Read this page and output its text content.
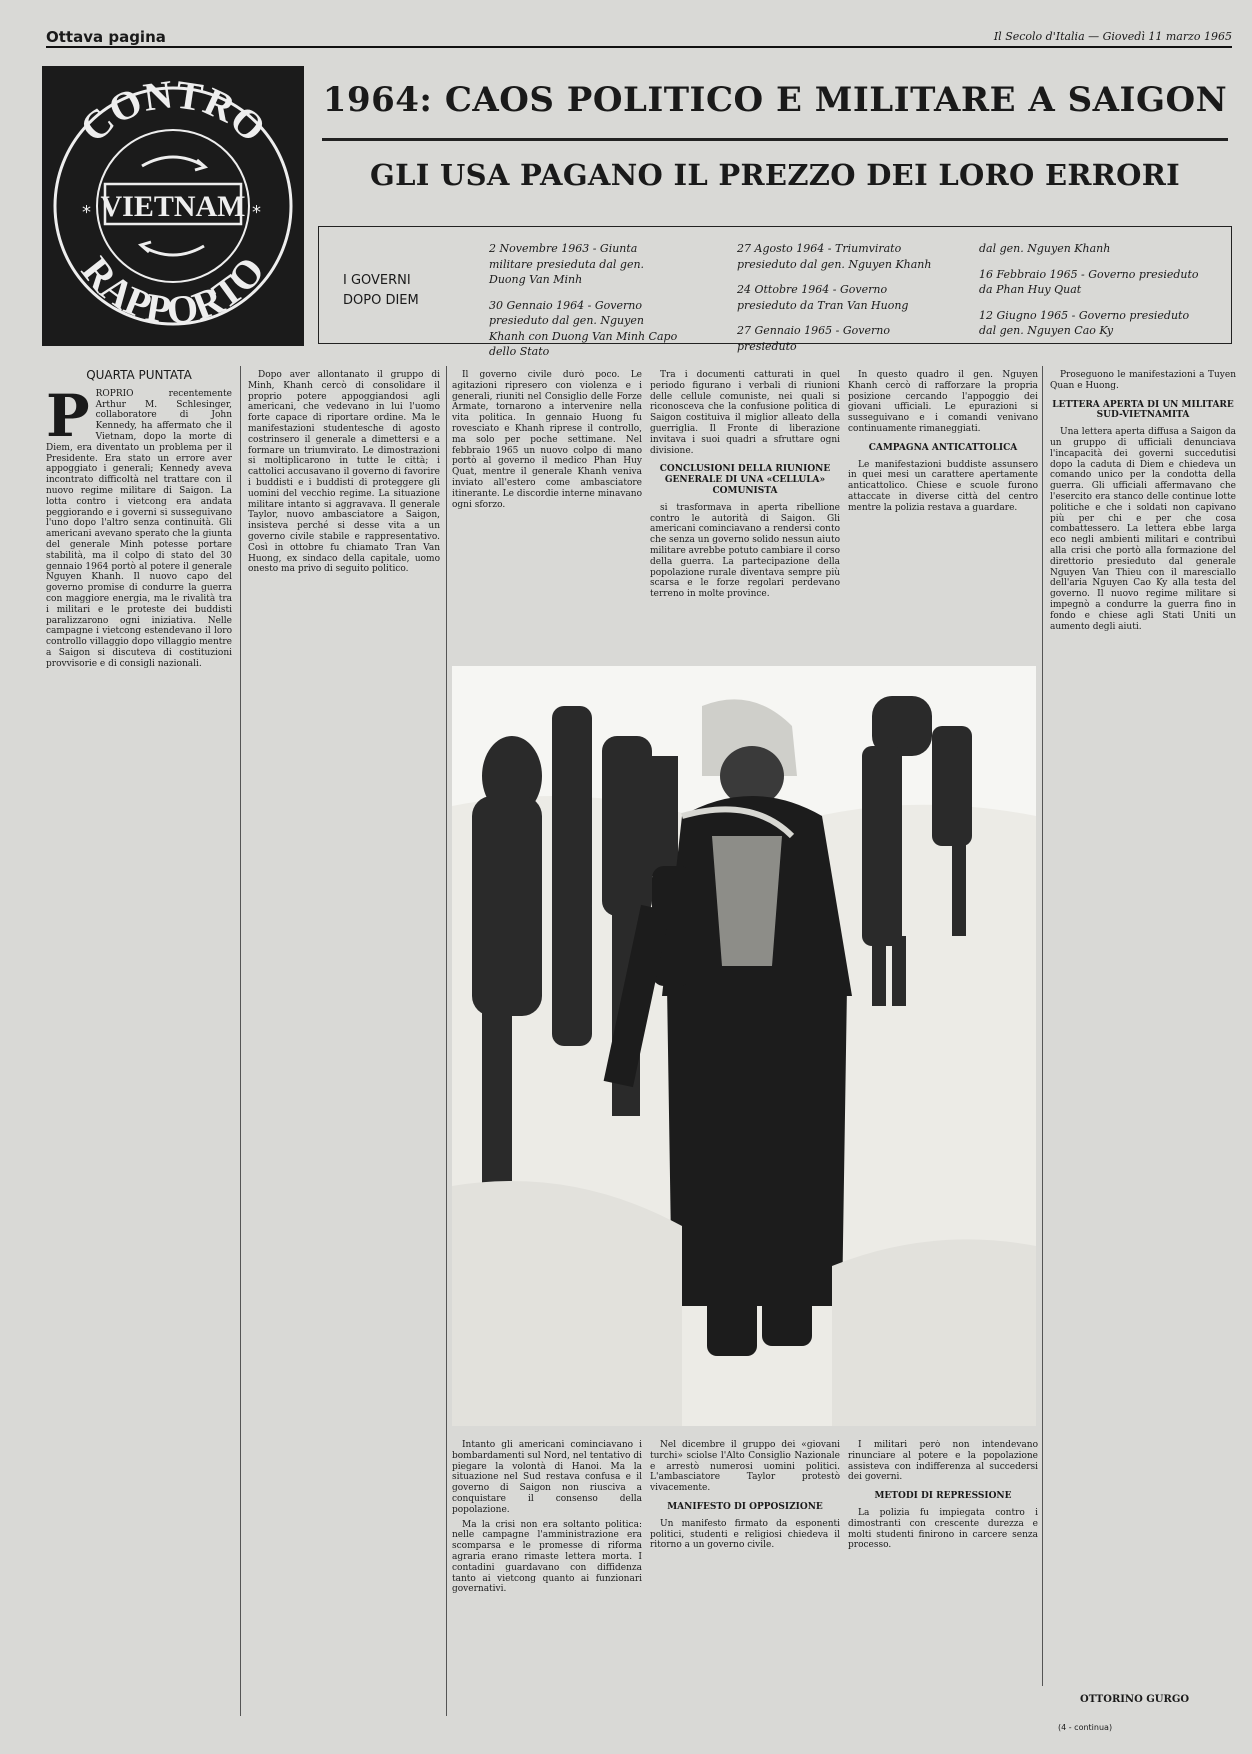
Ottava pagina	Il Secolo d'Italia — Giovedì 11 marzo 1965
CONTRO
RAPPORTO
VIETNAM
*	*
1964: CAOS POLITICO E MILITARE A SAIGON
GLI USA PAGANO IL PREZZO DEI LORO ERRORI
I GOVERNI
DOPO DIEM
2 Novembre 1963 - Giunta militare presieduta dal gen. Duong Van Minh
30 Gennaio 1964 - Governo presieduto dal gen. Nguyen Khanh con Duong Van Minh Capo dello Stato
27 Agosto 1964 - Triumvirato presieduto dal gen. Nguyen Khanh
24 Ottobre 1964 - Governo presieduto da Tran Van Huong
27 Gennaio 1965 - Governo presieduto
dal gen. Nguyen Khanh
16 Febbraio 1965 - Governo presieduto da Phan Huy Quat
12 Giugno 1965 - Governo presieduto dal gen. Nguyen Cao Ky
QUARTA PUNTATA
P ROPRIO recentemente Arthur M. Schlesinger, collaboratore di John Kennedy, ha affermato che il Vietnam, dopo la morte di Diem, era diventato un problema per il Presidente. Era stato un errore aver appoggiato i generali; Kennedy aveva incontrato difficoltà nel trattare con il nuovo regime militare di Saigon. La lotta contro i vietcong era andata peggiorando e i governi si susseguivano l'uno dopo l'altro senza continuità. Gli americani avevano sperato che la giunta del generale Minh potesse portare stabilità, ma il colpo di stato del 30 gennaio 1964 portò al potere il generale Nguyen Khanh. Il nuovo capo del governo promise di condurre la guerra con maggiore energia, ma le rivalità tra i militari e le proteste dei buddisti paralizzarono ogni iniziativa. Nelle campagne i vietcong estendevano il loro controllo villaggio dopo villaggio mentre a Saigon si discuteva di costituzioni provvisorie e di consigli nazionali.

Dopo aver allontanato il gruppo di Minh, Khanh cercò di consolidare il proprio potere appoggiandosi agli americani, che vedevano in lui l'uomo forte capace di riportare ordine. Ma le manifestazioni studentesche di agosto costrinsero il generale a dimettersi e a formare un triumvirato. Le dimostrazioni si moltiplicarono in tutte le città; i cattolici accusavano il governo di favorire i buddisti e i buddisti di proteggere gli uomini del vecchio regime. La situazione militare intanto si aggravava. Il generale Taylor, nuovo ambasciatore a Saigon, insisteva perché si desse vita a un governo civile stabile e rappresentativo. Così in ottobre fu chiamato Tran Van Huong, ex sindaco della capitale, uomo onesto ma privo di seguito politico.

Il governo civile durò poco. Le agitazioni ripresero con violenza e i generali, riuniti nel Consiglio delle Forze Armate, tornarono a intervenire nella vita politica. In gennaio Huong fu rovesciato e Khanh riprese il controllo, ma solo per poche settimane. Nel febbraio 1965 un nuovo colpo di mano portò al governo il medico Phan Huy Quat, mentre il generale Khanh veniva inviato all'estero come ambasciatore itinerante. Le discordie interne minavano ogni sforzo.

Tra i documenti catturati in quel periodo figurano i verbali di riunioni delle cellule comuniste, nei quali si riconosceva che la confusione politica di Saigon costituiva il miglior alleato della guerriglia. Il Fronte di liberazione invitava i suoi quadri a sfruttare ogni divisione.

CONCLUSIONI DELLA RIUNIONE GENERALE DI UNA «CELLULA» COMUNISTA

si trasformava in aperta ribellione contro le autorità di Saigon. Gli americani cominciavano a rendersi conto che senza un governo solido nessun aiuto militare avrebbe potuto cambiare il corso della guerra. La partecipazione della popolazione rurale diventava sempre più scarsa e le forze regolari perdevano terreno in molte province.

In questo quadro il gen. Nguyen Khanh cercò di rafforzare la propria posizione cercando l'appoggio dei giovani ufficiali. Le epurazioni si susseguivano e i comandi venivano continuamente rimaneggiati.

CAMPAGNA ANTICATTOLICA

Le manifestazioni buddiste assunsero in quei mesi un carattere apertamente anticattolico. Chiese e scuole furono attaccate in diverse città del centro mentre la polizia restava a guardare.

Proseguono le manifestazioni a Tuyen Quan e Huong.

LETTERA APERTA DI UN MILITARE SUD-VIETNAMITA

Una lettera aperta diffusa a Saigon da un gruppo di ufficiali denunciava l'incapacità dei governi succedutisi dopo la caduta di Diem e chiedeva un comando unico per la condotta della guerra. Gli ufficiali affermavano che l'esercito era stanco delle continue lotte politiche e che i soldati non capivano più per chi e per che cosa combattessero. La lettera ebbe larga eco negli ambienti militari e contribuì alla crisi che portò alla formazione del direttorio presieduto dal generale Nguyen Van Thieu con il maresciallo dell'aria Nguyen Cao Ky alla testa del governo. Il nuovo regime militare si impegnò a condurre la guerra fino in fondo e chiese agli Stati Uniti un aumento degli aiuti.

Intanto gli americani cominciavano i bombardamenti sul Nord, nel tentativo di piegare la volontà di Hanoi. Ma la situazione nel Sud restava confusa e il governo di Saigon non riusciva a conquistare il consenso della popolazione.

Ma la crisi non era soltanto politica: nelle campagne l'amministrazione era scomparsa e le promesse di riforma agraria erano rimaste lettera morta. I contadini guardavano con diffidenza tanto ai vietcong quanto ai funzionari governativi.

Nel dicembre il gruppo dei «giovani turchi» sciolse l'Alto Consiglio Nazionale e arrestò numerosi uomini politici. L'ambasciatore Taylor protestò vivacemente.

MANIFESTO DI OPPOSIZIONE

Un manifesto firmato da esponenti politici, studenti e religiosi chiedeva il ritorno a un governo civile.

I militari però non intendevano rinunciare al potere e la popolazione assisteva con indifferenza al succedersi dei governi.

METODI DI REPRESSIONE

La polizia fu impiegata contro i dimostranti con crescente durezza e molti studenti finirono in carcere senza processo.

OTTORINO GURGO
(4 - continua)
